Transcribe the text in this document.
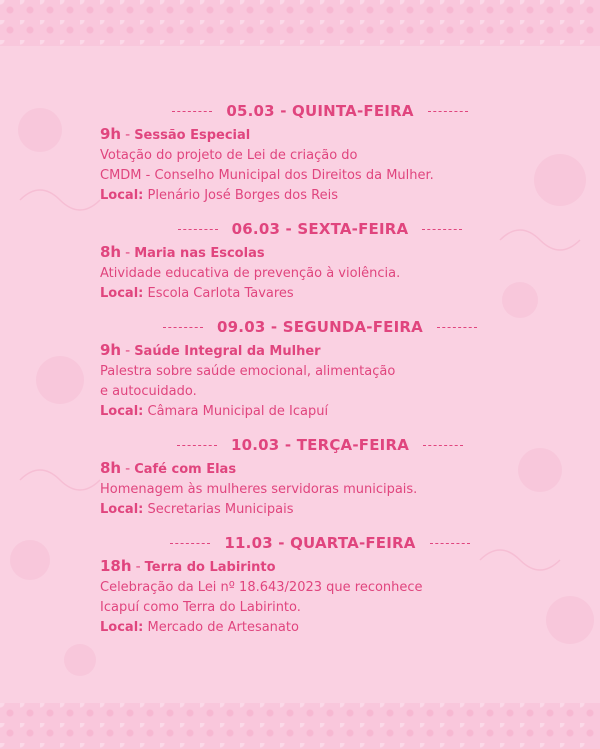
05.03 - QUINTA-FEIRA
9h - Sessão Especial
Votação do projeto de Lei de criação do
CMDM - Conselho Municipal dos Direitos da Mulher.
Local: Plenário José Borges dos Reis
06.03 - SEXTA-FEIRA
8h - Maria nas Escolas
Atividade educativa de prevenção à violência.
Local: Escola Carlota Tavares
09.03 - SEGUNDA-FEIRA
9h - Saúde Integral da Mulher
Palestra sobre saúde emocional, alimentação
e autocuidado.
Local: Câmara Municipal de Icapuí
10.03 - TERÇA-FEIRA
8h - Café com Elas
Homenagem às mulheres servidoras municipais.
Local: Secretarias Municipais
11.03 - QUARTA-FEIRA
18h - Terra do Labirinto
Celebração da Lei nº 18.643/2023 que reconhece
Icapuí como Terra do Labirinto.
Local: Mercado de Artesanato
